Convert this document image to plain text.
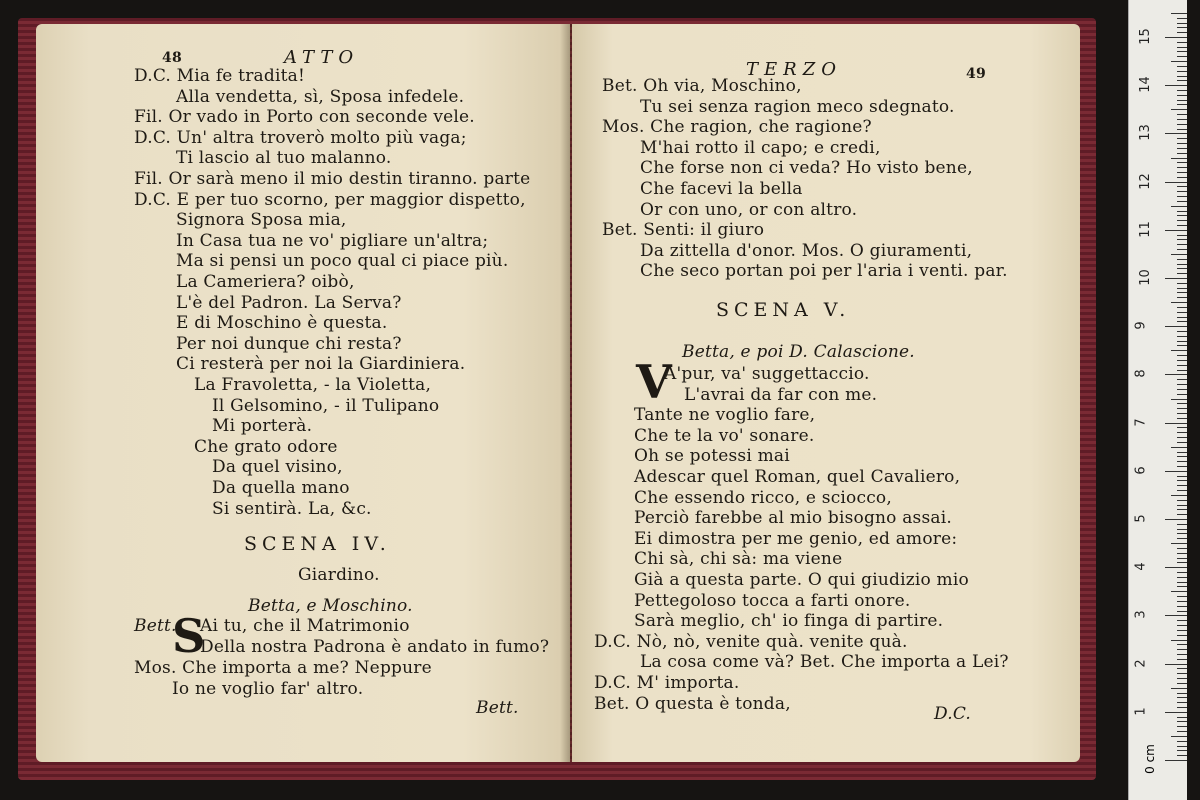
48	ATTO
D.C. Mia fe tradita!
Alla vendetta, sì, Sposa infedele.
Fil. Or vado in Porto con seconde vele.
D.C. Un' altra troverò molto più vaga;
Ti lascio al tuo malanno.
Fil. Or sarà meno il mio destin tiranno. parte
D.C. E per tuo scorno, per maggior dispetto,
Signora Sposa mia,
In Casa tua ne vo' pigliare un'altra;
Ma si pensi un poco qual ci piace più.
La Cameriera? oibò,
L'è del Padron. La Serva?
E di Moschino è questa.
Per noi dunque chi resta?
Ci resterà per noi la Giardiniera.
La Fravoletta, - la Violetta,
Il Gelsomino, - il Tulipano
Mi porterà.
Che grato odore
Da quel visino,
Da quella mano
Si sentirà. La, &c.
SCENA IV.
Giardino.
Betta, e Moschino.
S
Bett. Ai tu, che il Matrimonio
Della nostra Padrona è andato in fumo?
Mos. Che importa a me? Neppure
Io ne voglio far' altro.
Bett.
TERZO	49
Bet. Oh via, Moschino,
Tu sei senza ragion meco sdegnato.
Mos. Che ragion, che ragione?
M'hai rotto il capo; e credi,
Che forse non ci veda? Ho visto bene,
Che facevi la bella
Or con uno, or con altro.
Bet. Senti: il giuro
Da zittella d'onor. Mos. O giuramenti,
Che seco portan poi per l'aria i venti. par.
SCENA V.
Betta, e poi D. Calascione.
V
A'pur, va' suggettaccio.
L'avrai da far con me.
Tante ne voglio fare,
Che te la vo' sonare.
Oh se potessi mai
Adescar quel Roman, quel Cavaliero,
Che essendo ricco, e sciocco,
Perciò farebbe al mio bisogno assai.
Ei dimostra per me genio, ed amore:
Chi sà, chi sà: ma viene
Già a questa parte. O qui giudizio mio
Pettegoloso tocca a farti onore.
Sarà meglio, ch' io finga di partire.
D.C. Nò, nò, venite quà. venite quà.
La cosa come và? Bet. Che importa a Lei?
D.C. M' importa.
Bet. O questa è tonda,
D.C.
0 cm
1
2
3
4
5
6
7
8
9
10
11
12
13
14
15
